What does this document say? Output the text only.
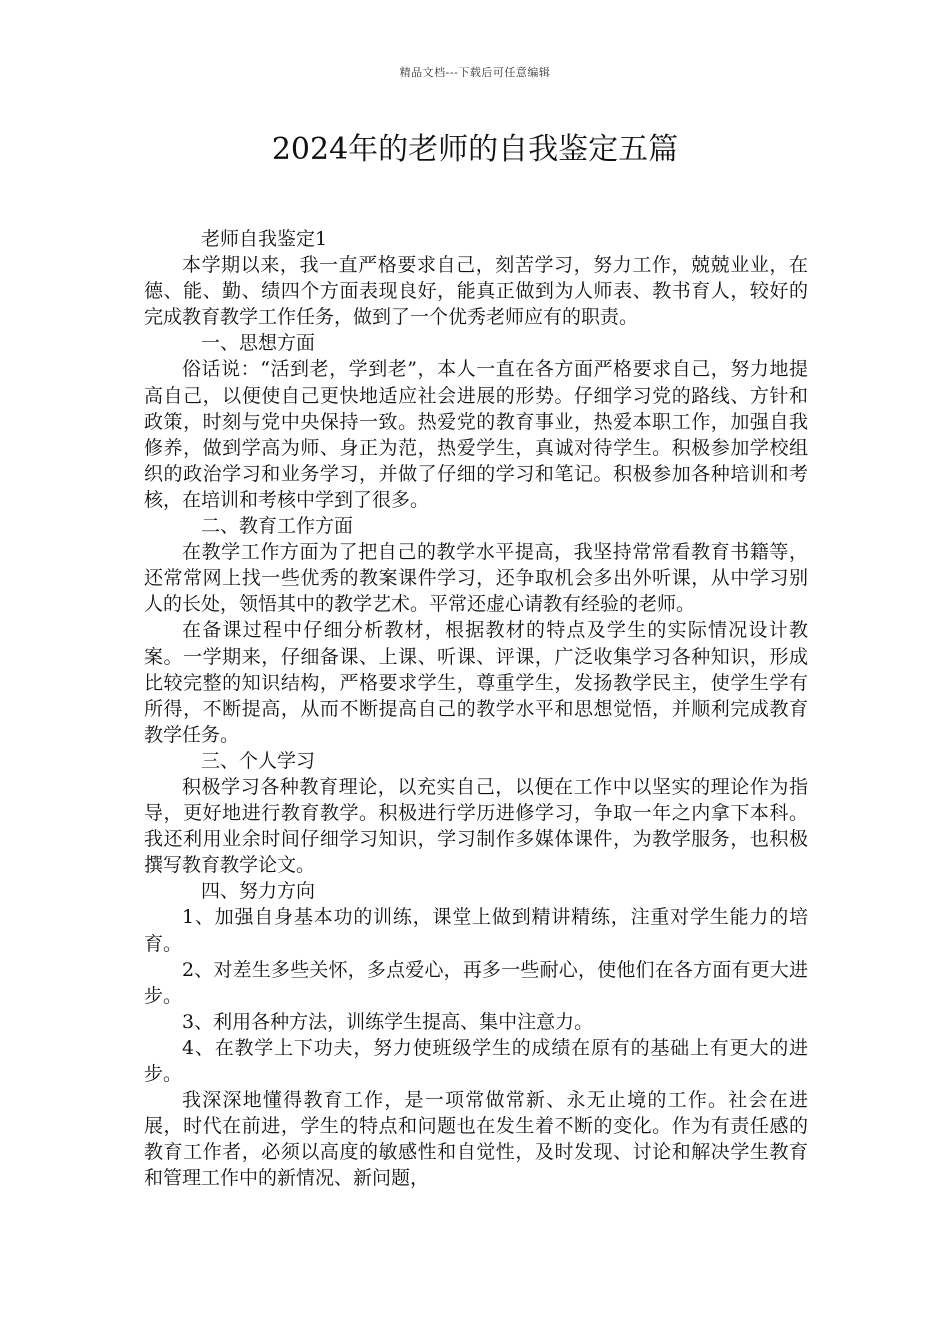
精品文档---下载后可任意编辑
2024年的老师的自我鉴定五篇

老师自我鉴定1

本学期以来，我一直严格要求自己，刻苦学习，努力工作，兢兢业业，在德、能、勤、绩四个方面表现良好，能真正做到为人师表、教书育人，较好的完成教育教学工作任务，做到了一个优秀老师应有的职责。

一、思想方面

俗话说：“活到老，学到老”，本人一直在各方面严格要求自己，努力地提高自己，以便使自己更快地适应社会进展的形势。仔细学习党的路线、方针和政策，时刻与党中央保持一致。热爱党的教育事业，热爱本职工作，加强自我修养，做到学高为师、身正为范，热爱学生，真诚对待学生。积极参加学校组织的政治学习和业务学习，并做了仔细的学习和笔记。积极参加各种培训和考核，在培训和考核中学到了很多。

二、教育工作方面

在教学工作方面为了把自己的教学水平提高，我坚持常常看教育书籍等，还常常网上找一些优秀的教案课件学习，还争取机会多出外听课，从中学习别人的长处，领悟其中的教学艺术。平常还虚心请教有经验的老师。

在备课过程中仔细分析教材，根据教材的特点及学生的实际情况设计教案。一学期来，仔细备课、上课、听课、评课，广泛收集学习各种知识，形成比较完整的知识结构，严格要求学生，尊重学生，发扬教学民主，使学生学有所得，不断提高，从而不断提高自己的教学水平和思想觉悟，并顺利完成教育教学任务。

三、个人学习

积极学习各种教育理论，以充实自己，以便在工作中以坚实的理论作为指导，更好地进行教育教学。积极进行学历进修学习，争取一年之内拿下本科。我还利用业余时间仔细学习知识，学习制作多媒体课件，为教学服务，也积极撰写教育教学论文。

四、努力方向

1、加强自身基本功的训练，课堂上做到精讲精练，注重对学生能力的培育。

2、对差生多些关怀，多点爱心，再多一些耐心，使他们在各方面有更大进步。

3、利用各种方法，训练学生提高、集中注意力。

4、在教学上下功夫，努力使班级学生的成绩在原有的基础上有更大的进步。

我深深地懂得教育工作，是一项常做常新、永无止境的工作。社会在进展，时代在前进，学生的特点和问题也在发生着不断的变化。作为有责任感的教育工作者，必须以高度的敏感性和自觉性，及时发现、讨论和解决学生教育和管理工作中的新情况、新问题，
